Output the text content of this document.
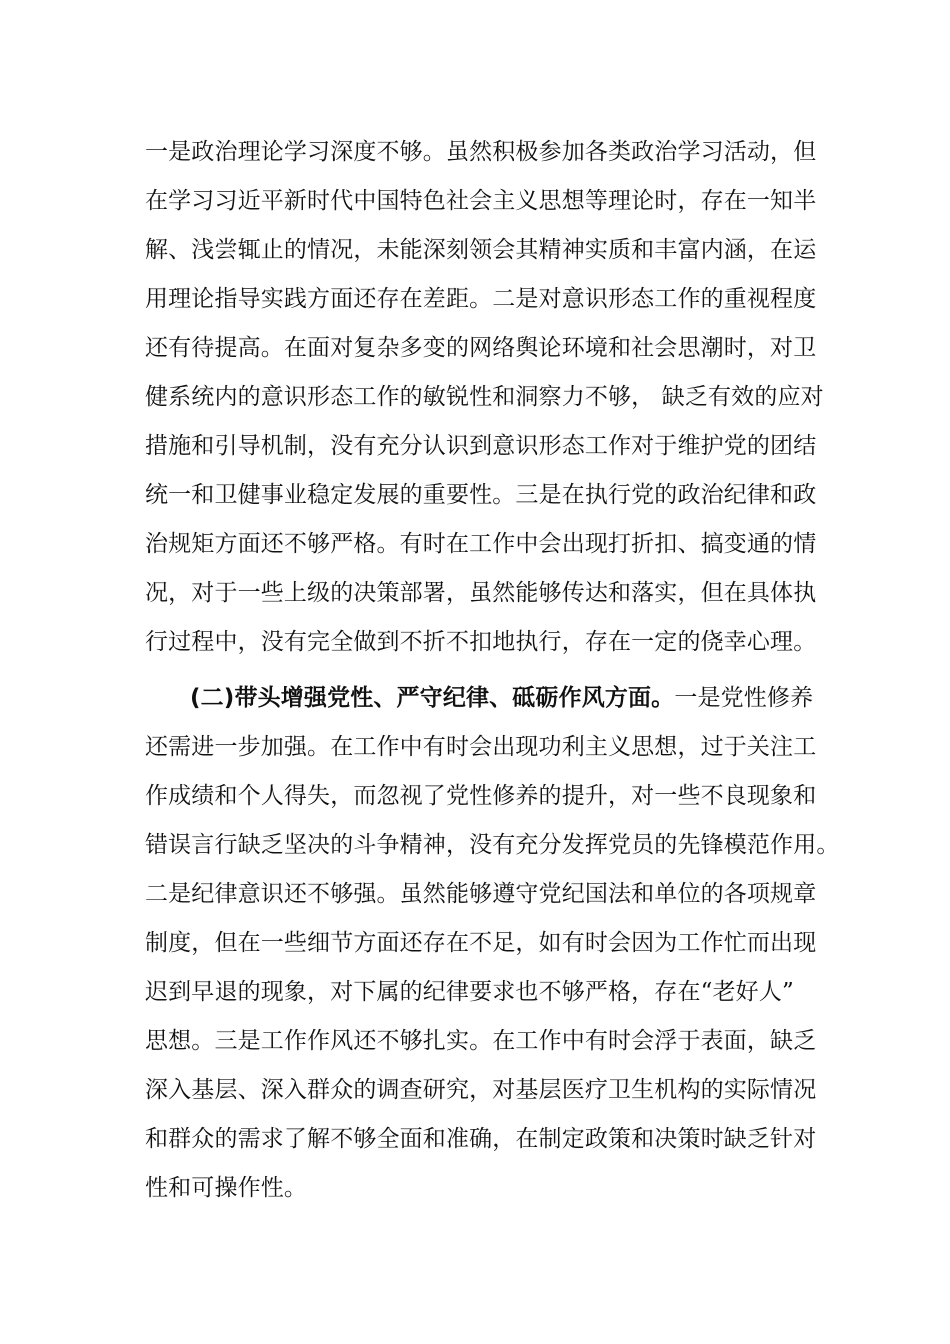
一是政治理论学习深度不够。虽然积极参加各类政治学习活动，但
在学习习近平新时代中国特色社会主义思想等理论时，存在一知半
解、浅尝辄止的情况，未能深刻领会其精神实质和丰富内涵，在运
用理论指导实践方面还存在差距。二是对意识形态工作的重视程度
还有待提高。在面对复杂多变的网络舆论环境和社会思潮时，对卫
健系统内的意识形态工作的敏锐性和洞察力不够， 缺乏有效的应对
措施和引导机制，没有充分认识到意识形态工作对于维护党的团结
统一和卫健事业稳定发展的重要性。三是在执行党的政治纪律和政
治规矩方面还不够严格。有时在工作中会出现打折扣、搞变通的情
况，对于一些上级的决策部署，虽然能够传达和落实，但在具体执
行过程中，没有完全做到不折不扣地执行，存在一定的侥幸心理。
(二)带头增强党性、严守纪律、砥砺作风方面。一是党性修养
还需进一步加强。在工作中有时会出现功利主义思想，过于关注工
作成绩和个人得失，而忽视了党性修养的提升，对一些不良现象和
错误言行缺乏坚决的斗争精神，没有充分发挥党员的先锋模范作用。
二是纪律意识还不够强。虽然能够遵守党纪国法和单位的各项规章
制度，但在一些细节方面还存在不足，如有时会因为工作忙而出现
迟到早退的现象，对下属的纪律要求也不够严格，存在“老好人”
思想。三是工作作风还不够扎实。在工作中有时会浮于表面，缺乏
深入基层、深入群众的调查研究，对基层医疗卫生机构的实际情况
和群众的需求了解不够全面和准确，在制定政策和决策时缺乏针对
性和可操作性。
